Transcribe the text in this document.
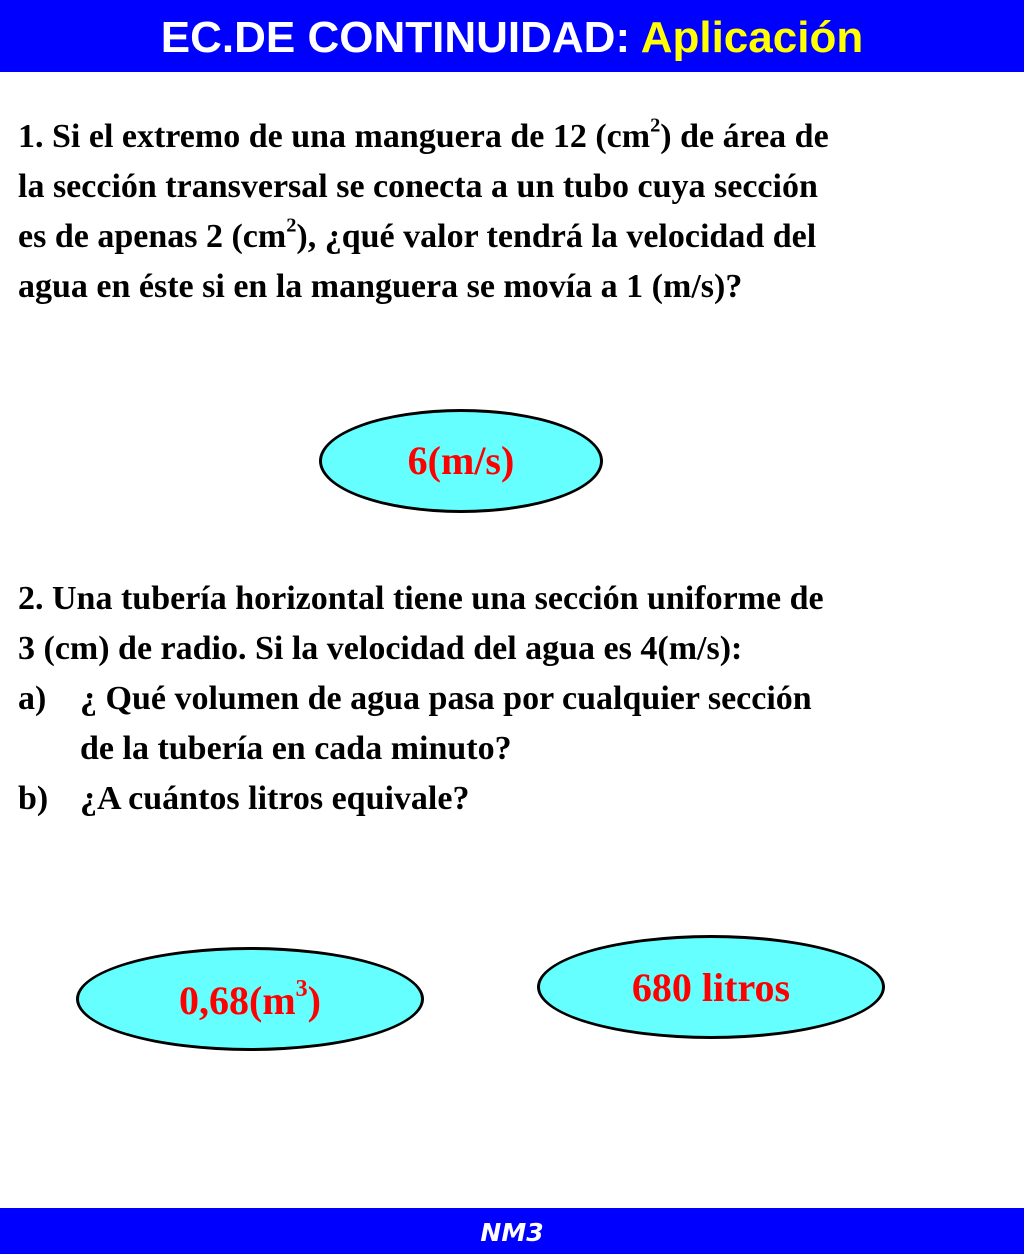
EC.DE CONTINUIDAD: Aplicación
1. Si el extremo de una manguera de 12 $(cm^2)$ de área de
la sección transversal se conecta a un tubo cuya sección
es de apenas 2 $(cm^2)$, ¿qué valor tendrá la velocidad del
agua en éste si en la manguera se movía a 1 (m/s)?
6(m/s)
2. Una tubería horizontal tiene una sección uniforme de
3 (cm) de radio. Si la velocidad del agua es 4(m/s):
a) ¿ Qué volumen de agua pasa por cualquier sección
de la tubería en cada minuto?
b) ¿A cuántos litros equivale?
$0,68(m^3)$	680 litros
NM3
